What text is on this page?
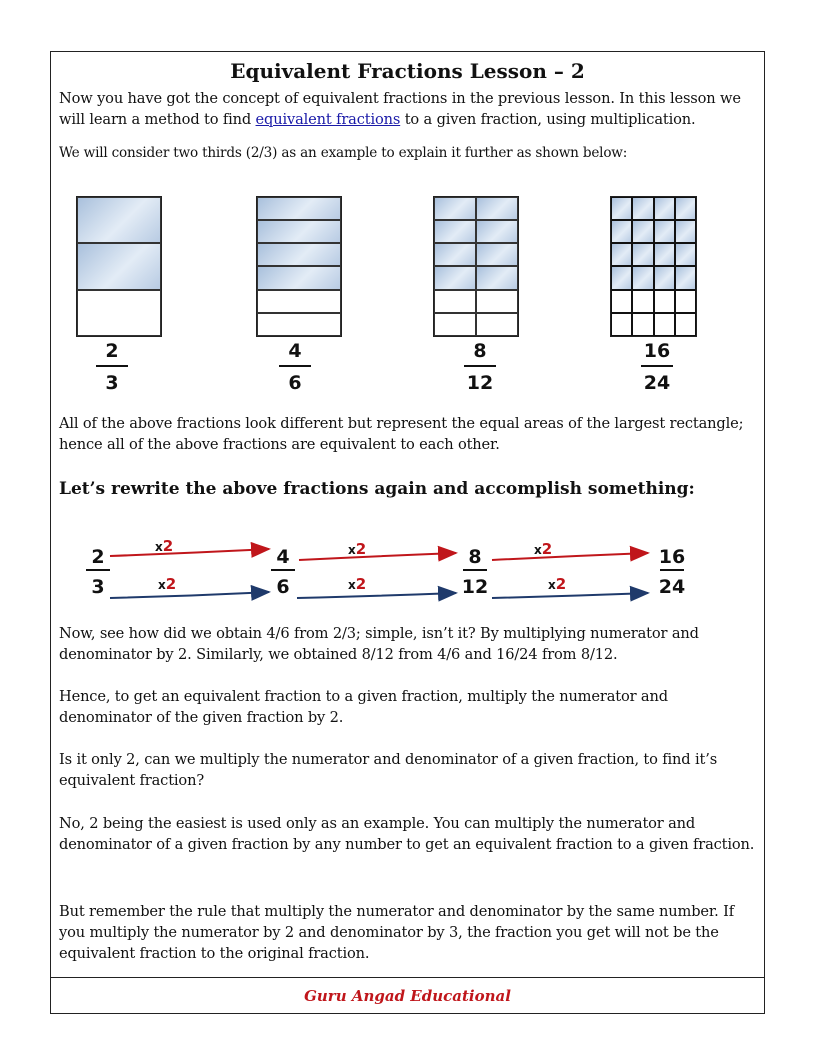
Equivalent Fractions Lesson – 2
Now you have got the concept of equivalent fractions in the previous lesson. In this lesson we will learn a method to find equivalent fractions to a given fraction, using multiplication.
We will consider two thirds (2/3) as an example to explain it further as shown below:
2
3
4
6
8
12
16
24
All of the above fractions look different but represent the equal areas of the largest rectangle; hence all of the above fractions are equivalent to each other.
Let’s rewrite the above fractions again and accomplish something:
x2	x2	x2
x2	x2	x2
2
3
4
6
8
12
16
24
Now, see how did we obtain 4/6 from 2/3; simple, isn’t it? By multiplying numerator and denominator by 2. Similarly, we obtained 8/12 from 4/6 and 16/24 from 8/12.
Hence, to get an equivalent fraction to a given fraction, multiply the numerator and denominator of the given fraction by 2.
Is it only 2, can we multiply the numerator and denominator of a given fraction, to find it’s equivalent fraction?
No, 2 being the easiest is used only as an example. You can multiply the numerator and denominator of a given fraction by any number to get an equivalent fraction to a given fraction.
But remember the rule that multiply the numerator and denominator by the same number. If you multiply the numerator by 2 and denominator by 3, the fraction you get will not be the equivalent fraction to the original fraction.
Guru Angad Educational
